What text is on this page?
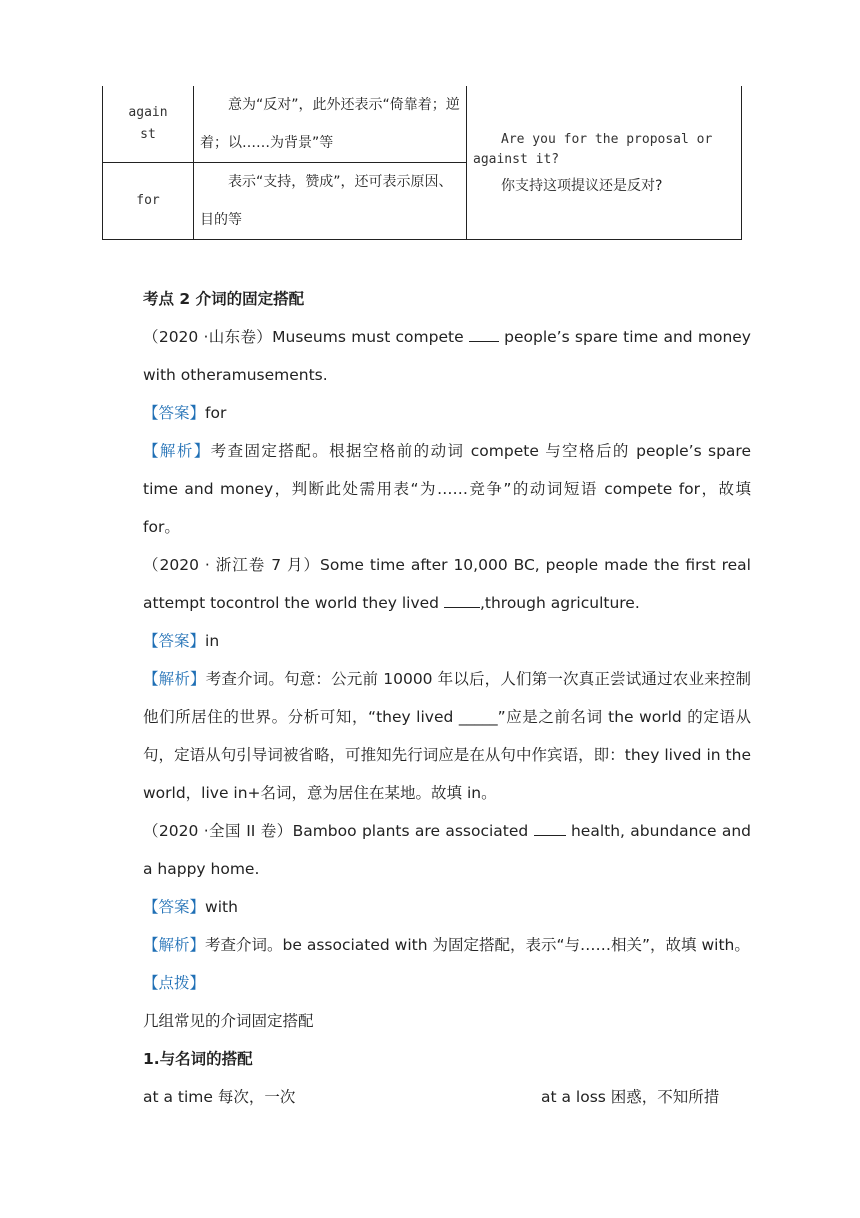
against	意为“反对”，此外还表示“倚靠着；逆着；以……为背景”等	Are you for the proposal or
against it?
你支持这项提议还是反对?

for	表示“支持，赞成”，还可表示原因、目的等	

考点 2 介词的固定搭配

（2020 ·山东卷）Museums must compete  people’s spare time and money with otheramusements.

【答案】for

【解析】考查固定搭配。根据空格前的动词 compete 与空格后的 people’s spare time and money，判断此处需用表“为……竞争”的动词短语 compete for，故填 for。

（2020 · 浙江卷 7 月）Some time after 10,000 BC, people made the first real attempt tocontrol the world they lived ,through agriculture.

【答案】in

【解析】考查介词。句意：公元前 10000 年以后，人们第一次真正尝试通过农业来控制他们所居住的世界。分析可知，“they lived _____”应是之前名词 the world 的定语从句，定语从句引导词被省略，可推知先行词应是在从句中作宾语，即：they lived in the world，live in+名词，意为居住在某地。故填 in。

（2020 ·全国 II 卷）Bamboo plants are associated  health, abundance and a happy home.

【答案】with

【解析】考查介词。be associated with 为固定搭配，表示“与……相关”，故填 with。

【点拨】

几组常见的介词固定搭配

1.与名词的搭配

at a time 每次，一次	at a loss 困惑，不知所措
